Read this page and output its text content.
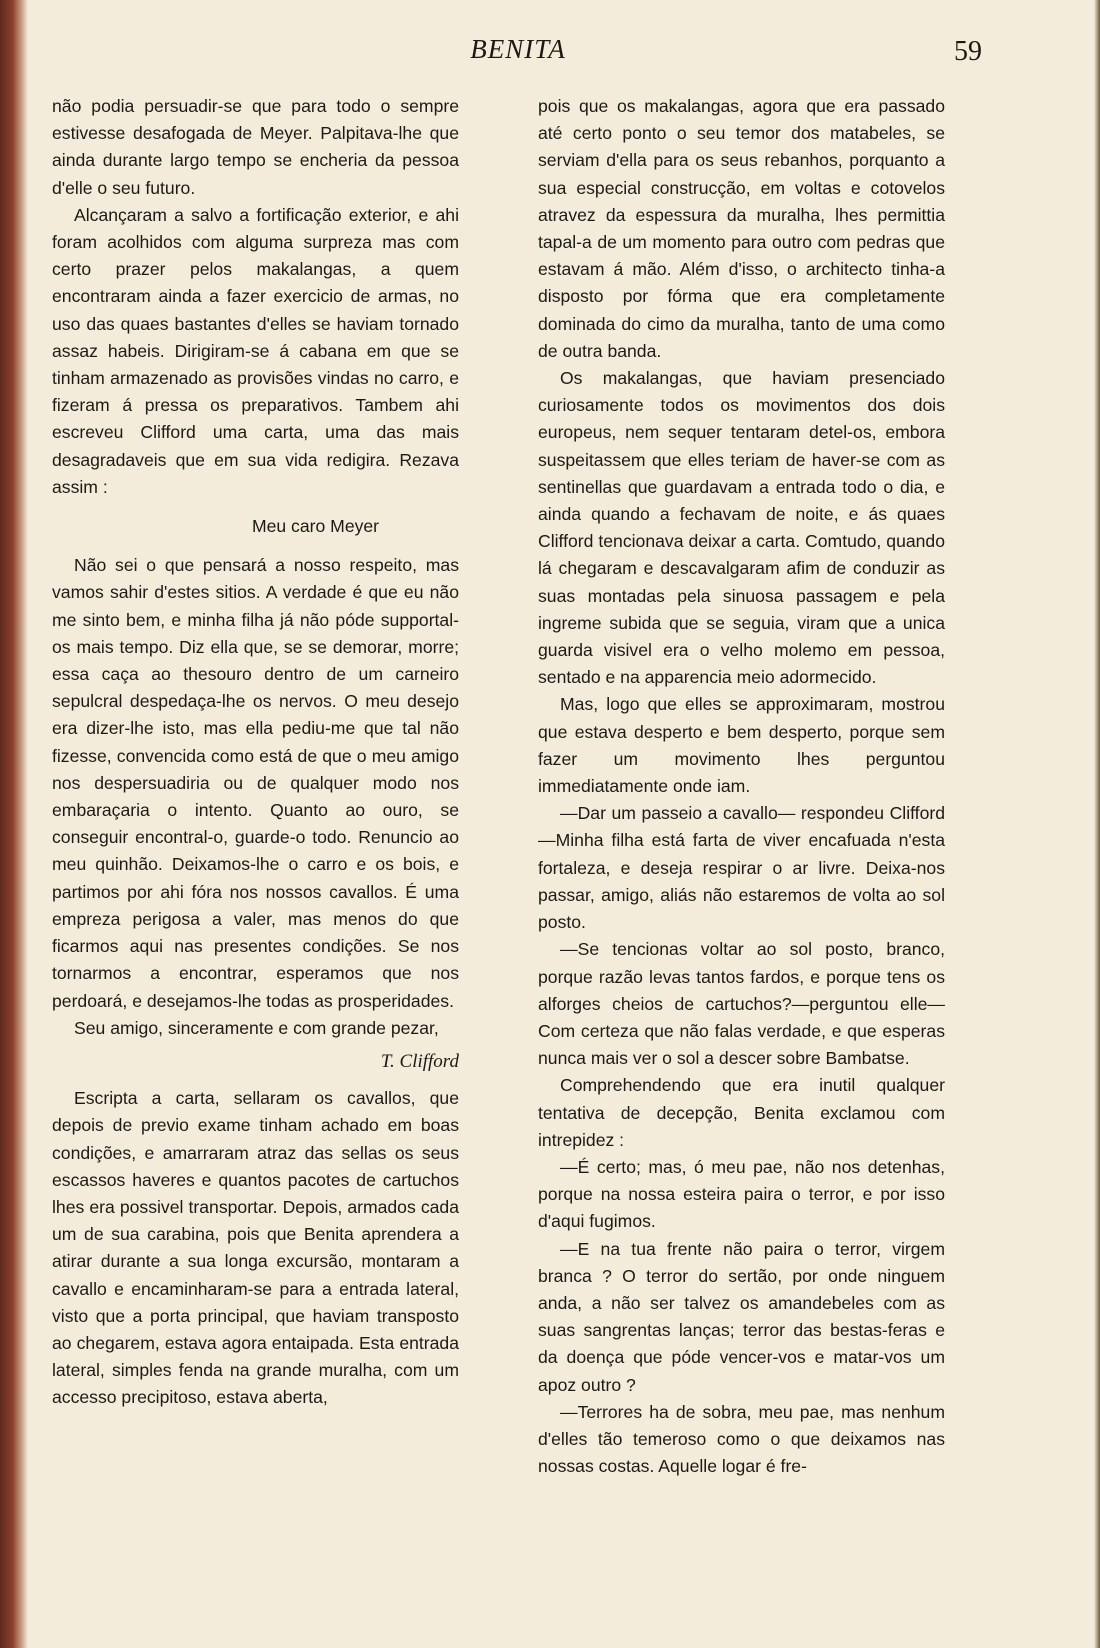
BENITA	59

não podia persuadir-se que para todo o sempre estivesse desafogada de Meyer. Palpitava-lhe que ainda durante largo tempo se encheria da pessoa d'elle o seu futuro.

Alcançaram a salvo a fortificação exterior, e ahi foram acolhidos com alguma surpreza mas com certo prazer pelos makalangas, a quem encontraram ainda a fazer exercicio de armas, no uso das quaes bastantes d'elles se haviam tornado assaz habeis. Dirigiram-se á cabana em que se tinham armazenado as provisões vindas no carro, e fizeram á pressa os preparativos. Tambem ahi escreveu Clifford uma carta, uma das mais desagradaveis que em sua vida redigira. Rezava assim :

Meu caro Meyer

Não sei o que pensará a nosso respeito, mas vamos sahir d'estes sitios. A verdade é que eu não me sinto bem, e minha filha já não póde supportal-os mais tempo. Diz ella que, se se demorar, morre; essa caça ao thesouro dentro de um carneiro sepulcral despedaça-lhe os nervos. O meu desejo era dizer-lhe isto, mas ella pediu-me que tal não fizesse, convencida como está de que o meu amigo nos despersuadiria ou de qualquer modo nos embaraçaria o intento. Quanto ao ouro, se conseguir encontral-o, guarde-o todo. Renuncio ao meu quinhão. Deixamos-lhe o carro e os bois, e partimos por ahi fóra nos nossos cavallos. É uma empreza perigosa a valer, mas menos do que ficarmos aqui nas presentes condições. Se nos tornarmos a encontrar, esperamos que nos perdoará, e desejamos-lhe todas as prosperidades.

Seu amigo, sinceramente e com grande pezar,

T. Clifford

Escripta a carta, sellaram os cavallos, que depois de previo exame tinham achado em boas condições, e amarraram atraz das sellas os seus escassos haveres e quantos pacotes de cartuchos lhes era possivel transportar. Depois, armados cada um de sua carabina, pois que Benita aprendera a atirar durante a sua longa excursão, montaram a cavallo e encaminharam-se para a entrada lateral, visto que a porta principal, que haviam transposto ao chegarem, estava agora entaipada. Esta entrada lateral, simples fenda na grande muralha, com um accesso precipitoso, estava aberta,

pois que os makalangas, agora que era passado até certo ponto o seu temor dos matabeles, se serviam d'ella para os seus rebanhos, porquanto a sua especial construcção, em voltas e cotovelos atravez da espessura da muralha, lhes permittia tapal-a de um momento para outro com pedras que estavam á mão. Além d'isso, o architecto tinha-a disposto por fórma que era completamente dominada do cimo da muralha, tanto de uma como de outra banda.

Os makalangas, que haviam presenciado curiosamente todos os movimentos dos dois europeus, nem sequer tentaram detel-os, embora suspeitassem que elles teriam de haver-se com as sentinellas que guardavam a entrada todo o dia, e ainda quando a fechavam de noite, e ás quaes Clifford tencionava deixar a carta. Comtudo, quando lá chegaram e descavalgaram afim de conduzir as suas montadas pela sinuosa passagem e pela ingreme subida que se seguia, viram que a unica guarda visivel era o velho molemo em pessoa, sentado e na apparencia meio adormecido.

Mas, logo que elles se approximaram, mostrou que estava desperto e bem desperto, porque sem fazer um movimento lhes perguntou immediatamente onde iam.

—Dar um passeio a cavallo— respondeu Clifford—Minha filha está farta de viver encafuada n'esta fortaleza, e deseja respirar o ar livre. Deixa-nos passar, amigo, aliás não estaremos de volta ao sol posto.

—Se tencionas voltar ao sol posto, branco, porque razão levas tantos fardos, e porque tens os alforges cheios de cartuchos?—perguntou elle—Com certeza que não falas verdade, e que esperas nunca mais ver o sol a descer sobre Bambatse.

Comprehendendo que era inutil qualquer tentativa de decepção, Benita exclamou com intrepidez :

—É certo; mas, ó meu pae, não nos detenhas, porque na nossa esteira paira o terror, e por isso d'aqui fugimos.

—E na tua frente não paira o terror, virgem branca ? O terror do sertão, por onde ninguem anda, a não ser talvez os amandebeles com as suas sangrentas lanças; terror das bestas-feras e da doença que póde vencer-vos e matar-vos um apoz outro ?

—Terrores ha de sobra, meu pae, mas nenhum d'elles tão temeroso como o que deixamos nas nossas costas. Aquelle logar é fre-
